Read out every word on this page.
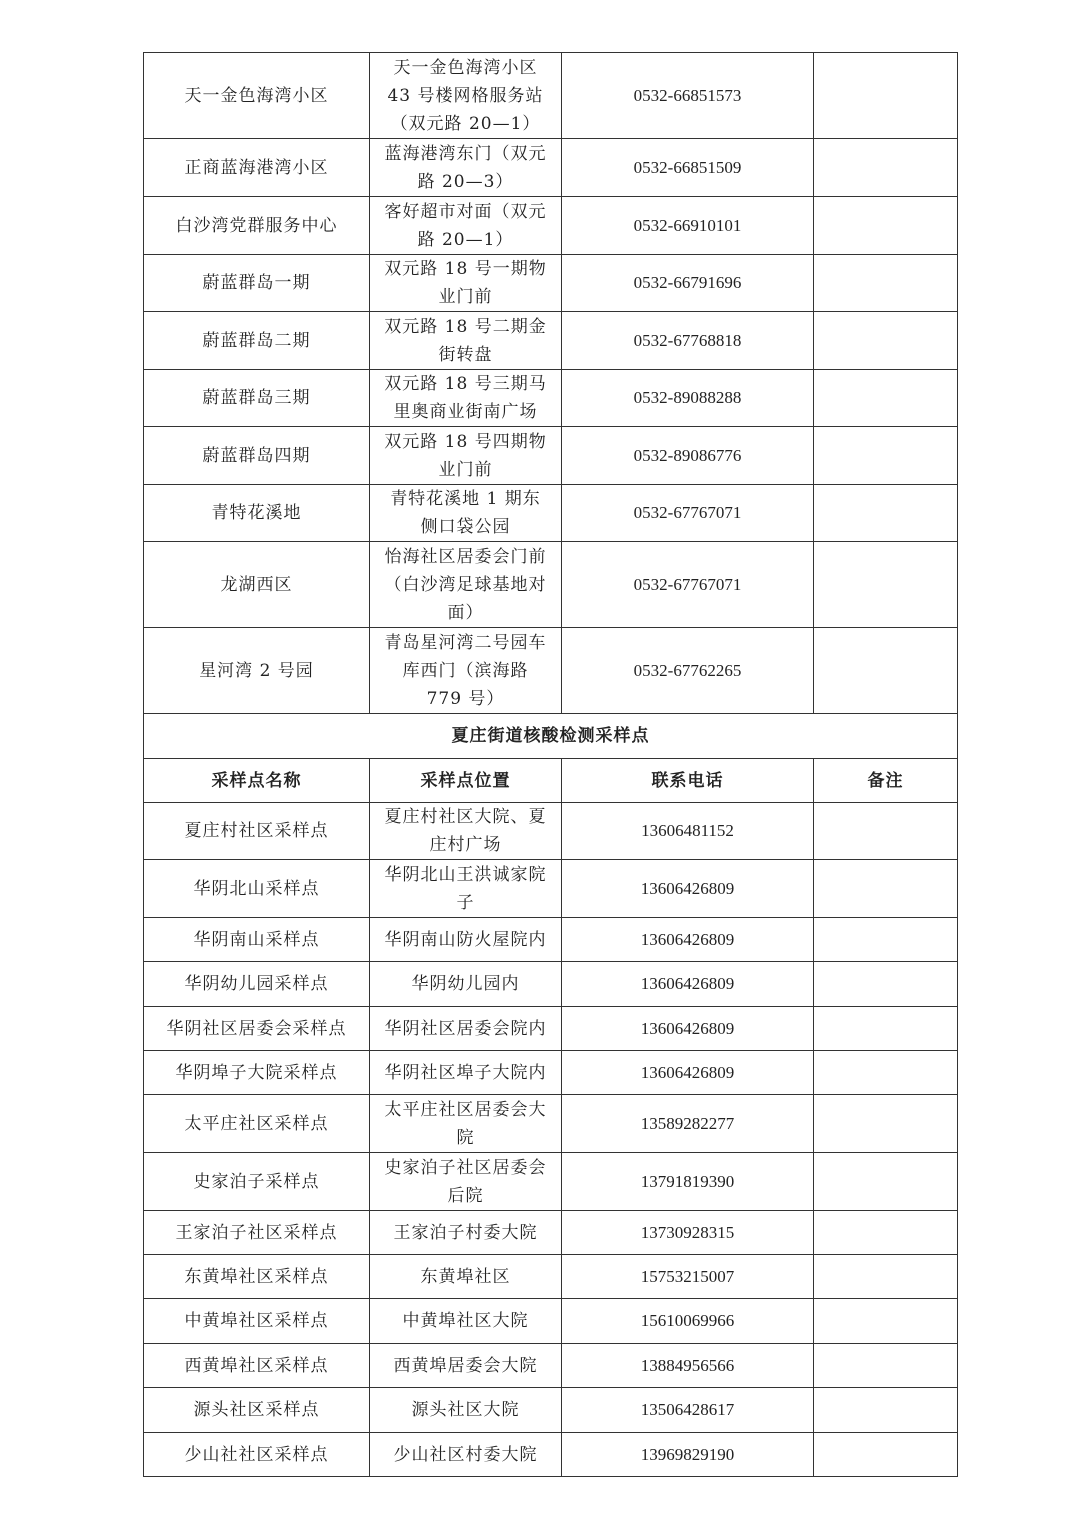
天一金色海湾小区	天一金色海湾小区 43 号楼网格服务站（双元路 20—1）	0532-66851573	
正商蓝海港湾小区	蓝海港湾东门（双元路 20—3）	0532-66851509	
白沙湾党群服务中心	客好超市对面（双元路 20—1）	0532-66910101	
蔚蓝群岛一期	双元路 18 号一期物业门前	0532-66791696	
蔚蓝群岛二期	双元路 18 号二期金街转盘	0532-67768818	
蔚蓝群岛三期	双元路 18 号三期马里奥商业街南广场	0532-89088288	
蔚蓝群岛四期	双元路 18 号四期物业门前	0532-89086776	
青特花溪地	青特花溪地 1 期东侧口袋公园	0532-67767071	
龙湖西区	怡海社区居委会门前（白沙湾足球基地对面）	0532-67767071	
星河湾 2 号园	青岛星河湾二号园车库西门（滨海路 779 号）	0532-67762265	
夏庄街道核酸检测采样点			
采样点名称	采样点位置	联系电话	备注
夏庄村社区采样点	夏庄村社区大院、夏庄村广场	13606481152	
华阴北山采样点	华阴北山王洪诚家院子	13606426809	
华阴南山采样点	华阴南山防火屋院内	13606426809	
华阴幼儿园采样点	华阴幼儿园内	13606426809	
华阴社区居委会采样点	华阴社区居委会院内	13606426809	
华阴埠子大院采样点	华阴社区埠子大院内	13606426809	
太平庄社区采样点	太平庄社区居委会大院	13589282277	
史家泊子采样点	史家泊子社区居委会后院	13791819390	
王家泊子社区采样点	王家泊子村委大院	13730928315	
东黄埠社区采样点	东黄埠社区	15753215007	
中黄埠社区采样点	中黄埠社区大院	15610069966	
西黄埠社区采样点	西黄埠居委会大院	13884956566	
源头社区采样点	源头社区大院	13506428617	
少山社社区采样点	少山社区村委大院	13969829190	
